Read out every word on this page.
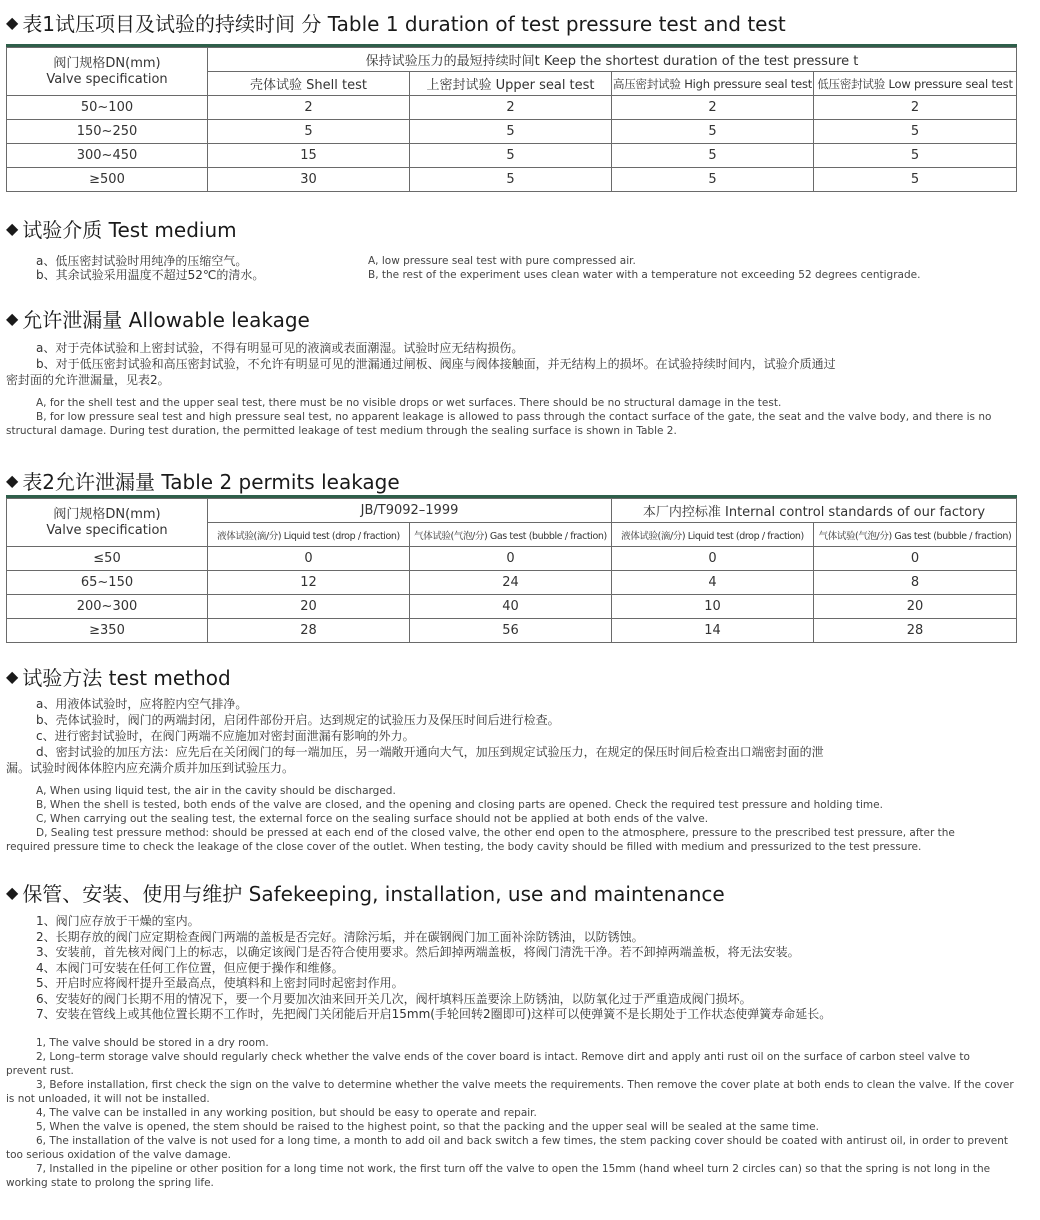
◆ 表1试压项目及试验的持续时间 分 Table 1 duration of test pressure test and test
阀门规格DN(mm)
Valve specification	保持试验压力的最短持续时间t Keep the shortest duration of the test pressure t			
	壳体试验 Shell test	上密封试验 Upper seal test	高压密封试验 High pressure seal test	低压密封试验 Low pressure seal test
50~100	2	2	2	2
150~250	5	5	5	5
300~450	15	5	5	5
≥500	30	5	5	5
◆ 试验介质 Test medium
a、低压密封试验时用纯净的压缩空气。
b、其余试验采用温度不超过52℃的清水。
A, low pressure seal test with pure compressed air.
B, the rest of the experiment uses clean water with a temperature not exceeding 52 degrees centigrade.
◆ 允许泄漏量 Allowable leakage
a、对于壳体试验和上密封试验，不得有明显可见的液滴或表面潮湿。试验时应无结构损伤。
b、对于低压密封试验和高压密封试验，不允许有明显可见的泄漏通过闸板、阀座与阀体接触面，并无结构上的损坏。在试验持续时间内，试验介质通过
密封面的允许泄漏量，见表2。
A, for the shell test and the upper seal test, there must be no visible drops or wet surfaces. There should be no structural damage in the test.
B, for low pressure seal test and high pressure seal test, no apparent leakage is allowed to pass through the contact surface of the gate, the seat and the valve body, and there is no
structural damage. During test duration, the permitted leakage of test medium through the sealing surface is shown in Table 2.
◆ 表2允许泄漏量 Table 2 permits leakage
阀门规格DN(mm)
Valve specification	JB/T9092–1999		本厂内控标准 Internal control standards of our factory	
	液体试验(滴/分) Liquid test (drop / fraction)	气体试验(气泡/分) Gas test (bubble / fraction)	液体试验(滴/分) Liquid test (drop / fraction)	气体试验(气泡/分) Gas test (bubble / fraction)
≤50	0	0	0	0
65~150	12	24	4	8
200~300	20	40	10	20
≥350	28	56	14	28
◆ 试验方法 test method
a、用液体试验时，应将腔内空气排净。
b、壳体试验时，阀门的两端封闭，启闭件部份开启。达到规定的试验压力及保压时间后进行检查。
c、进行密封试验时，在阀门两端不应施加对密封面泄漏有影响的外力。
d、密封试验的加压方法：应先后在关闭阀门的每一端加压，另一端敞开通向大气，加压到规定试验压力，在规定的保压时间后检查出口端密封面的泄
漏。试验时阀体体腔内应充满介质并加压到试验压力。
A, When using liquid test, the air in the cavity should be discharged.
B, When the shell is tested, both ends of the valve are closed, and the opening and closing parts are opened. Check the required test pressure and holding time.
C, When carrying out the sealing test, the external force on the sealing surface should not be applied at both ends of the valve.
D, Sealing test pressure method: should be pressed at each end of the closed valve, the other end open to the atmosphere, pressure to the prescribed test pressure, after the
required pressure time to check the leakage of the close cover of the outlet. When testing, the body cavity should be filled with medium and pressurized to the test pressure.
◆ 保管、安装、使用与维护 Safekeeping, installation, use and maintenance
1、阀门应存放于干燥的室内。
2、长期存放的阀门应定期检查阀门两端的盖板是否完好。清除污垢，并在碳钢阀门加工面补涂防锈油，以防锈蚀。
3、安装前，首先核对阀门上的标志，以确定该阀门是否符合使用要求。然后卸掉两端盖板，将阀门清洗干净。若不卸掉两端盖板，将无法安装。
4、本阀门可安装在任何工作位置，但应便于操作和维修。
5、开启时应将阀杆提升至最高点，使填料和上密封同时起密封作用。
6、安装好的阀门长期不用的情况下，要一个月要加次油来回开关几次，阀杆填料压盖要涂上防锈油，以防氧化过于严重造成阀门损坏。
7、安装在管线上或其他位置长期不工作时，先把阀门关闭能后开启15mm(手轮回转2圈即可)这样可以使弹簧不是长期处于工作状态使弹簧寿命延长。
1, The valve should be stored in a dry room.
2, Long–term storage valve should regularly check whether the valve ends of the cover board is intact. Remove dirt and apply anti rust oil on the surface of carbon steel valve to
prevent rust.
3, Before installation, first check the sign on the valve to determine whether the valve meets the requirements. Then remove the cover plate at both ends to clean the valve. If the cover
is not unloaded, it will not be installed.
4, The valve can be installed in any working position, but should be easy to operate and repair.
5, When the valve is opened, the stem should be raised to the highest point, so that the packing and the upper seal will be sealed at the same time.
6, The installation of the valve is not used for a long time, a month to add oil and back switch a few times, the stem packing cover should be coated with antirust oil, in order to prevent
too serious oxidation of the valve damage.
7, Installed in the pipeline or other position for a long time not work, the first turn off the valve to open the 15mm (hand wheel turn 2 circles can) so that the spring is not long in the
working state to prolong the spring life.
